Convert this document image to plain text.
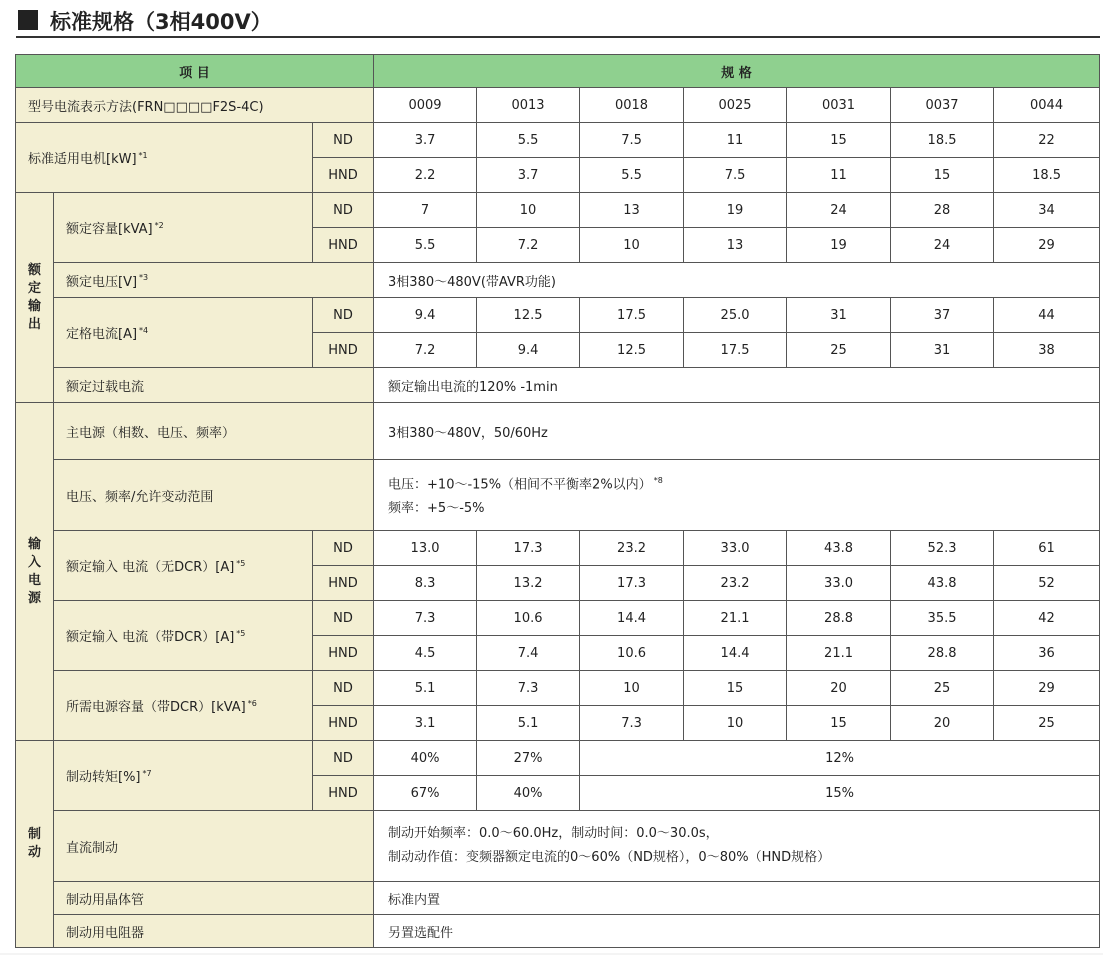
标准规格（3相400V）
项 目			规 格						
型号电流表示方法(FRN□□□□F2S-4C)			0009	0013	0018	0025	0031	0037	0044
标准适用电机[kW] $^{*1}$		ND	3.7	5.5	7.5	11	15	18.5	22
		HND	2.2	3.7	5.5	7.5	11	15	18.5
额定输出	额定容量[kVA] $^{*2}$	ND	7	10	13	19	24	28	34
		HND	5.5	7.2	10	13	19	24	29
	额定电压[V] $^{*3}$		3相380～480V(带AVR功能)						
	定格电流[A] $^{*4}$	ND	9.4	12.5	17.5	25.0	31	37	44
		HND	7.2	9.4	12.5	17.5	25	31	38
	额定过载电流		额定输出电流的120% -1min						
输入电源	主电源（相数、电压、频率）		3相380～480V，50/60Hz						
	电压、频率/允许变动范围		电压：+10～-15%（相间不平衡率2%以内） $^{*8}$
频率：+5～-5%						

	额定输入 电流（无DCR）[A] $^{*5}$	ND	13.0	17.3	23.2	33.0	43.8	52.3	61
		HND	8.3	13.2	17.3	23.2	33.0	43.8	52
	额定输入 电流（带DCR）[A] $^{*5}$	ND	7.3	10.6	14.4	21.1	28.8	35.5	42
		HND	4.5	7.4	10.6	14.4	21.1	28.8	36
	所需电源容量（带DCR）[kVA] $^{*6}$	ND	5.1	7.3	10	15	20	25	29
		HND	3.1	5.1	7.3	10	15	20	25
制动	制动转矩[%] $^{*7}$	ND	40%	27%	12%				
		HND	67%	40%	15%				
	直流制动		制动开始频率：0.0～60.0Hz，制动时间：0.0～30.0s，
制动动作值：变频器额定电流的0～60%（ND规格），0～80%（HND规格）						

	制动用晶体管		标准内置						
	制动用电阻器		另置选配件						
